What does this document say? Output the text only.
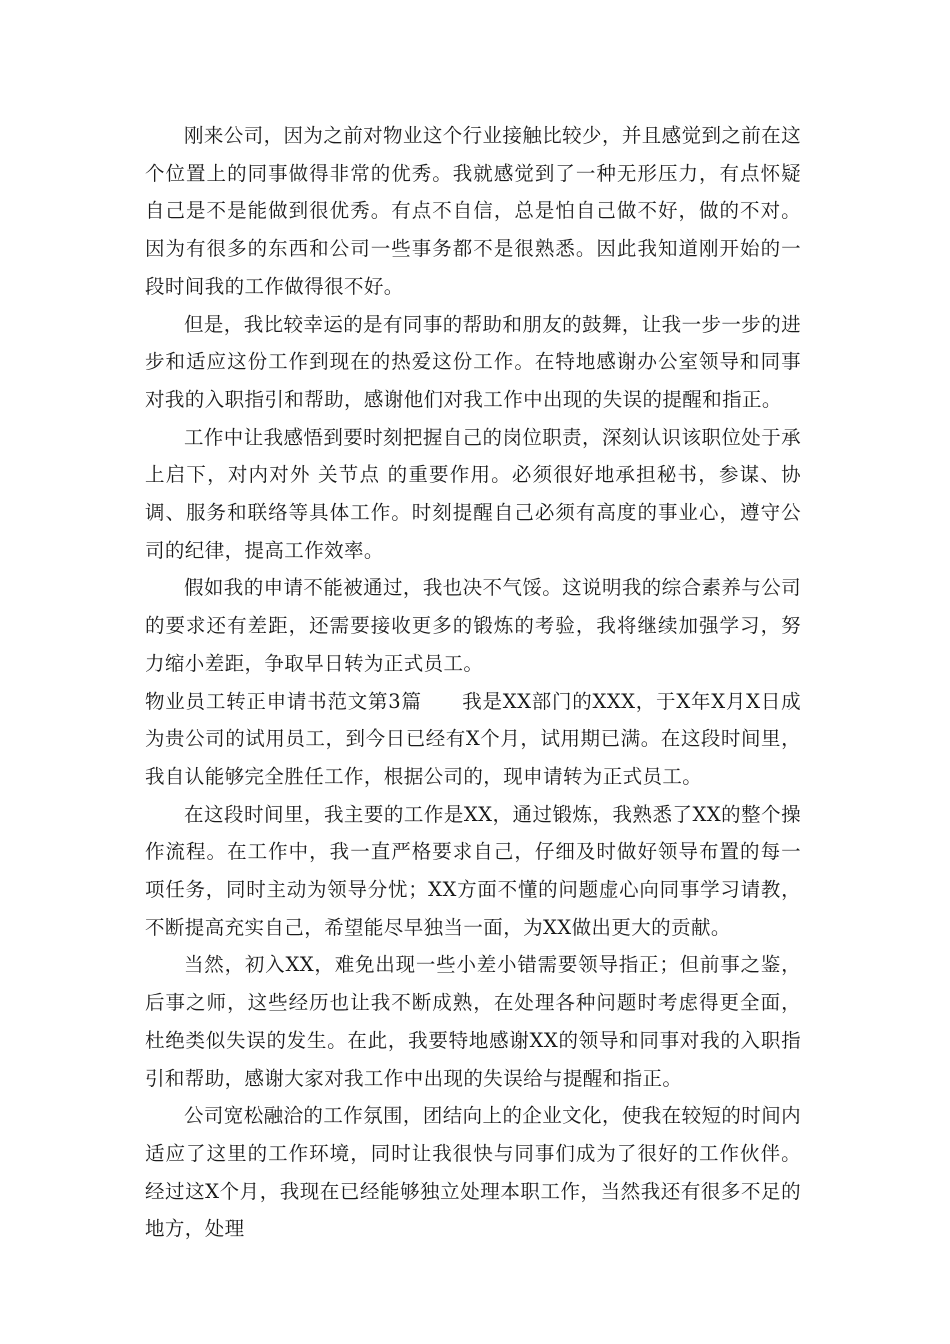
刚来公司，因为之前对物业这个行业接触比较少，并且感觉到之前在这个位置上的同事做得非常的优秀。我就感觉到了一种无形压力，有点怀疑自己是不是能做到很优秀。有点不自信，总是怕自己做不好，做的不对。因为有很多的东西和公司一些事务都不是很熟悉。因此我知道刚开始的一段时间我的工作做得很不好。

但是，我比较幸运的是有同事的帮助和朋友的鼓舞，让我一步一步的进步和适应这份工作到现在的热爱这份工作。在特地感谢办公室领导和同事对我的入职指引和帮助，感谢他们对我工作中出现的失误的提醒和指正。

工作中让我感悟到要时刻把握自己的岗位职责，深刻认识该职位处于承上启下，对内对外 关节点 的重要作用。必须很好地承担秘书，参谋、协调、服务和联络等具体工作。时刻提醒自己必须有高度的事业心，遵守公司的纪律，提高工作效率。

假如我的申请不能被通过，我也决不气馁。这说明我的综合素养与公司的要求还有差距，还需要接收更多的锻炼的考验，我将继续加强学习，努力缩小差距，争取早日转为正式员工。

物业员工转正申请书范文第3篇　　我是XX部门的XXX，于X年X月X日成为贵公司的试用员工，到今日已经有X个月，试用期已满。在这段时间里，我自认能够完全胜任工作，根据公司的，现申请转为正式员工。

在这段时间里，我主要的工作是XX，通过锻炼，我熟悉了XX的整个操作流程。在工作中，我一直严格要求自己，仔细及时做好领导布置的每一项任务，同时主动为领导分忧；XX方面不懂的问题虚心向同事学习请教，不断提高充实自己，希望能尽早独当一面，为XX做出更大的贡献。

当然，初入XX，难免出现一些小差小错需要领导指正；但前事之鉴，后事之师，这些经历也让我不断成熟，在处理各种问题时考虑得更全面，杜绝类似失误的发生。在此，我要特地感谢XX的领导和同事对我的入职指引和帮助，感谢大家对我工作中出现的失误给与提醒和指正。

公司宽松融洽的工作氛围，团结向上的企业文化，使我在较短的时间内适应了这里的工作环境，同时让我很快与同事们成为了很好的工作伙伴。经过这X个月，我现在已经能够独立处理本职工作，当然我还有很多不足的地方，处理
